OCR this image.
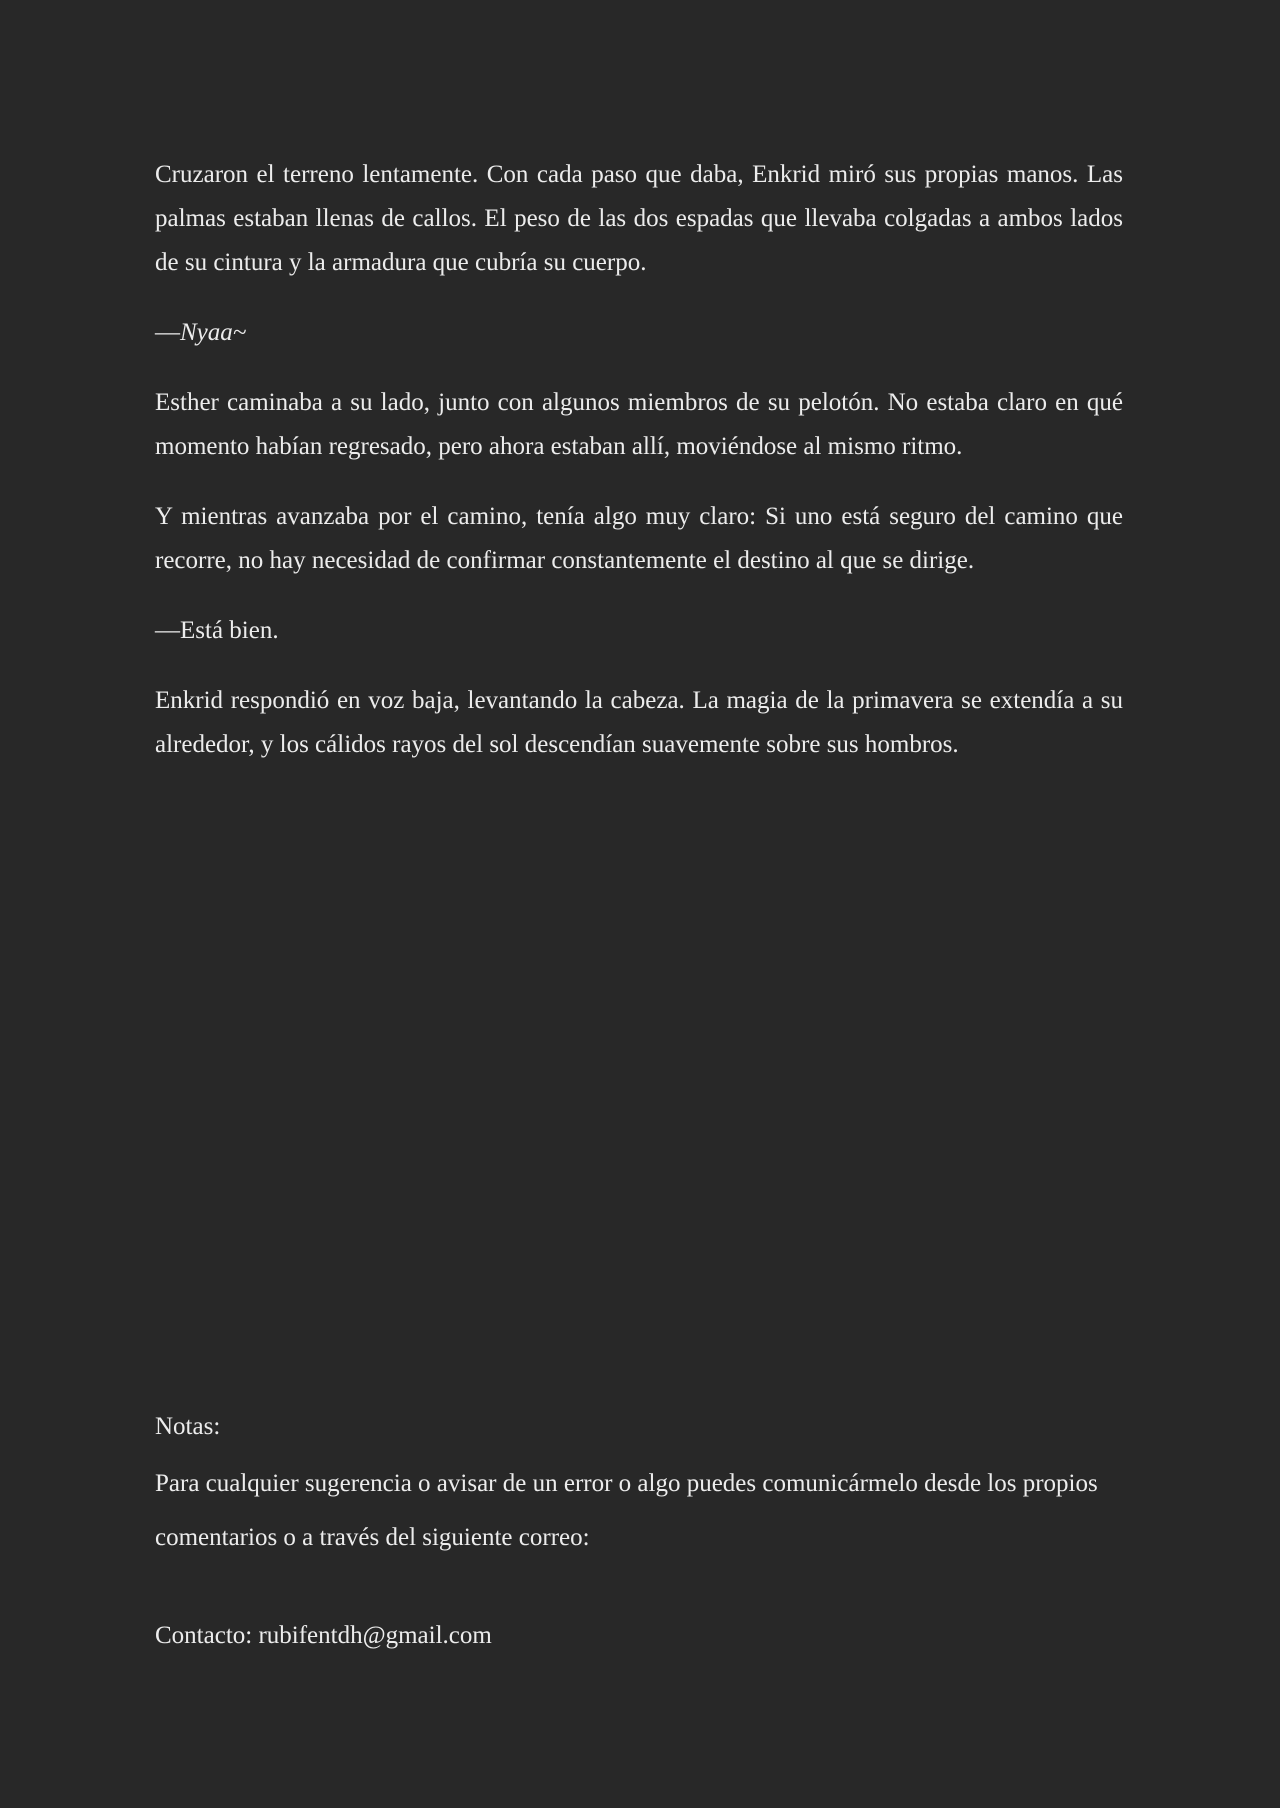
Cruzaron el terreno lentamente. Con cada paso que daba, Enkrid miró sus propias manos. Las palmas estaban llenas de callos. El peso de las dos espadas que llevaba colgadas a ambos lados de su cintura y la armadura que cubría su cuerpo.

—Nyaa~

Esther caminaba a su lado, junto con algunos miembros de su pelotón. No estaba claro en qué momento habían regresado, pero ahora estaban allí, moviéndose al mismo ritmo.

Y mientras avanzaba por el camino, tenía algo muy claro: Si uno está seguro del camino que recorre, no hay necesidad de confirmar constantemente el destino al que se dirige.

—Está bien.

Enkrid respondió en voz baja, levantando la cabeza. La magia de la primavera se extendía a su alrededor, y los cálidos rayos del sol descendían suavemente sobre sus hombros.

Notas:

Para cualquier sugerencia o avisar de un error o algo puedes comunicármelo desde los propios comentarios o a través del siguiente correo:

Contacto: rubifentdh@gmail.com
